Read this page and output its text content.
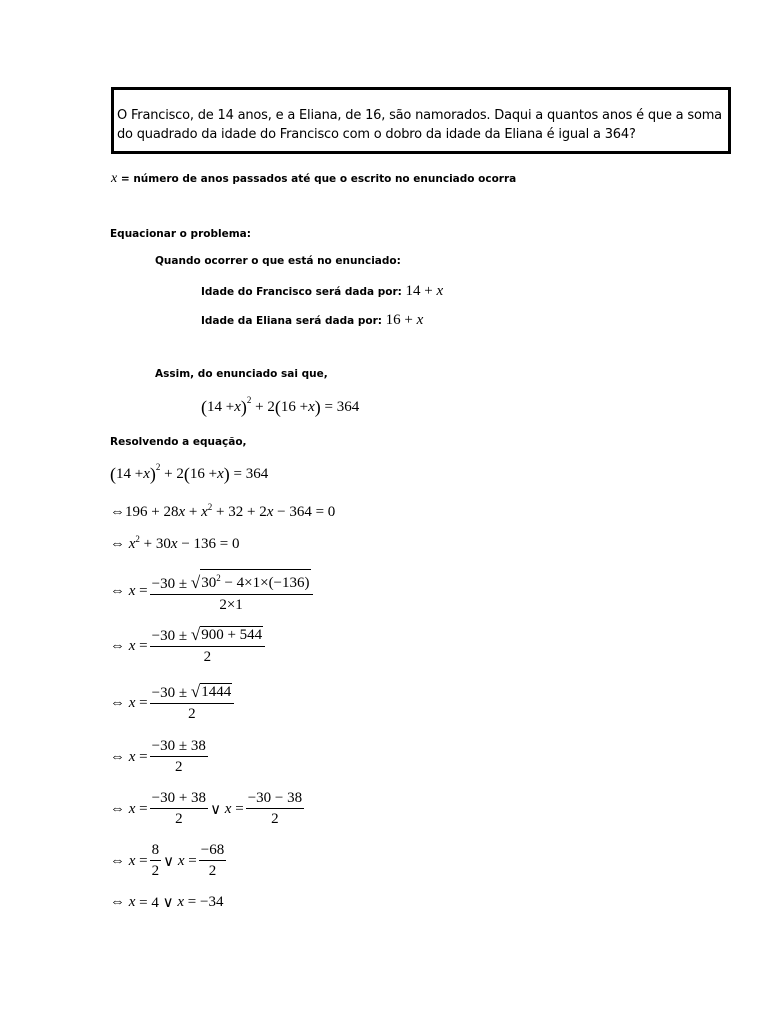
O Francisco, de 14 anos, e a Eliana, de 16, são namorados. Daqui a quantos anos é que a soma
do quadrado da idade do Francisco com o dobro da idade da Eliana é igual a 364?
x = número de anos passados até que o escrito no enunciado ocorra
Equacionar o problema:
Quando ocorrer o que está no enunciado:
Idade do Francisco será dada por: 14 + x
Idade da Eliana será dada por: 16 + x
Assim, do enunciado sai que,
( 14 + x )$^2$ + 2 ( 16 + x ) = 364
Resolvendo a equação,
( 14 + x )$^2$ + 2 ( 16 + x ) = 364
⇔196 + 28 $x + x^2 + 32 + 2$ x − 364 = 0
⇔ $x^2 + 30$ x − 136 = 0
⇔ $x = \frac{-30 \pm √ 30^2 - 4\times 1\times(-136)}{2\times 1}$
⇔ $x = \frac{-30 \pm √ 900 + 544}{2}$
⇔ $x = \frac{-30 \pm √ 1444}{2}$
⇔ $x = \frac{-30 \pm 38}{2}$
⇔ $x = \frac{-30 + 38}{2}$ ∨ $x = \frac{-30 - 38}{2}$
⇔ $x = \frac{8}{2}$ ∨ $x = \frac{-68}{2}$
⇔ x = 4 ∨ x = −34
